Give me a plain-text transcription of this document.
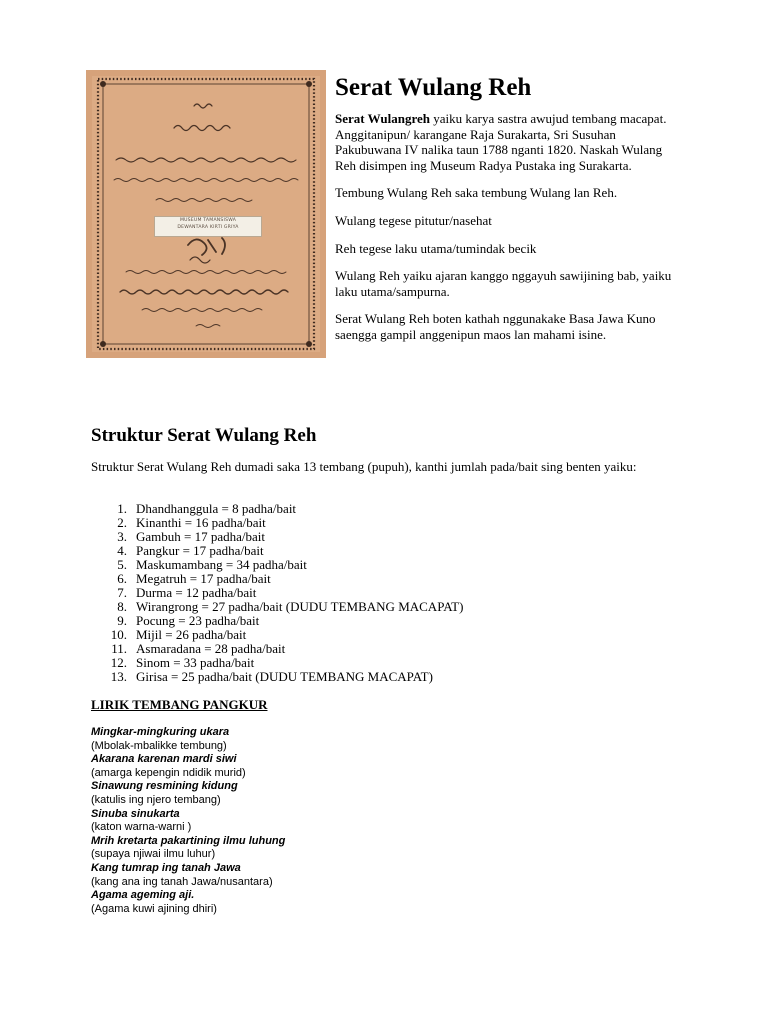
MUSEUM TAMANSISWA
DEWANTARA KIRTI GRIYA
Serat Wulang Reh

Serat Wulangreh yaiku karya sastra awujud tembang macapat. Anggitanipun/ karangane Raja Surakarta, Sri Susuhan Pakubuwana IV nalika taun 1788 nganti 1820. Naskah Wulang Reh disimpen ing Museum Radya Pustaka ing Surakarta.

Tembung Wulang Reh saka tembung Wulang lan Reh.

Wulang tegese pitutur/nasehat

Reh tegese laku utama/tumindak becik

Wulang Reh yaiku ajaran kanggo nggayuh sawijining bab, yaiku laku utama/sampurna.

Serat Wulang Reh boten kathah nggunakake Basa Jawa Kuno saengga gampil anggenipun maos lan mahami isine.

Struktur Serat Wulang Reh

Struktur Serat Wulang Reh dumadi saka 13 tembang (pupuh), kanthi jumlah pada/bait sing benten yaiku:

1. Dhandhanggula = 8 padha/bait
2. Kinanthi = 16 padha/bait
3. Gambuh = 17 padha/bait
4. Pangkur = 17 padha/bait
5. Maskumambang = 34 padha/bait
6. Megatruh = 17 padha/bait
7. Durma = 12 padha/bait
8. Wirangrong = 27 padha/bait (DUDU TEMBANG MACAPAT)
9. Pocung = 23 padha/bait
10. Mijil = 26 padha/bait
11. Asmaradana = 28 padha/bait
12. Sinom = 33 padha/bait
13. Girisa = 25 padha/bait (DUDU TEMBANG MACAPAT)

LIRIK TEMBANG PANGKUR

Mingkar-mingkuring ukara
(Mbolak-mbalikke tembung)
Akarana karenan mardi siwi
(amarga kepengin ndidik murid)
Sinawung resmining kidung
(katulis ing njero tembang)
Sinuba sinukarta
(katon warna-warni )
Mrih kretarta pakartining ilmu luhung
(supaya njiwai ilmu luhur)
Kang tumrap ing tanah Jawa
(kang ana ing tanah Jawa/nusantara)
Agama ageming aji.
(Agama kuwi ajining dhiri)
